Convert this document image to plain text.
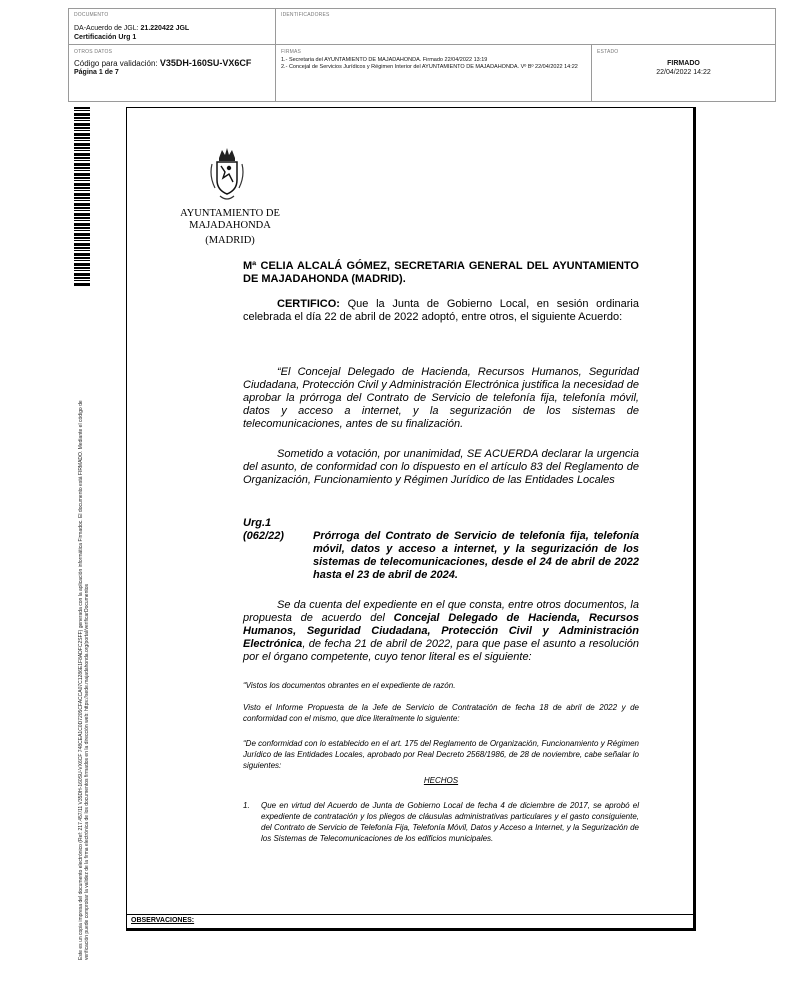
DOCUMENTO
DA-Acuerdo de JGL: 21.220422 JGL
Certificación Urg 1
IDENTIFICADORES
OTROS DATOS
Código para validación: V35DH-160SU-VX6CF
Página 1 de 7
FIRMAS
1.- Secretaria del AYUNTAMIENTO DE MAJADAHONDA. Firmado 22/04/2022 13:19
2.- Concejal de Servicios Jurídicos y Régimen Interior del AYUNTAMIENTO DE MAJADAHONDA. Vº Bº 22/04/2022 14:22
ESTADO
FIRMADO
22/04/2022 14:22
Este es un copia impresa del documento electrónico (Ref: 217.457/11 V35DH-160SU-VX6CF 748CEA1C0D7205CFACCA07C1286E1F8ADFC2SFF) generada con la aplicación informática Firmadoc. El documento está FIRMADO. Mediante el código de verificación puede comprobar la validez de la firma electrónica de los documentos firmados en la dirección web: https://sede.majadahonda.org/portal/verificarDocumentos	OBSERVACIONES:
AYUNTAMIENTO DE
MAJADAHONDA
(MADRID)
Mª CELIA ALCALÁ GÓMEZ, SECRETARIA GENERAL DEL AYUNTAMIENTO DE MAJADAHONDA (MADRID).
CERTIFICO: Que la Junta de Gobierno Local, en sesión ordinaria celebrada el día 22 de abril de 2022 adoptó, entre otros, el siguiente Acuerdo:
“El Concejal Delegado de Hacienda, Recursos Humanos, Seguridad Ciudadana, Protección Civil y Administración Electrónica justifica la necesidad de aprobar la prórroga del Contrato de Servicio de telefonía fija, telefonía móvil, datos y acceso a internet, y la segurización de los sistemas de telecomunicaciones, antes de su finalización.
Sometido a votación, por unanimidad, SE ACUERDA declarar la urgencia del asunto, de conformidad con lo dispuesto en el artículo 83 del Reglamento de Organización, Funcionamiento y Régimen Jurídico de las Entidades Locales
Urg.1
(062/22)	Prórroga del Contrato de Servicio de telefonía fija, telefonía móvil, datos y acceso a internet, y la segurización de los sistemas de telecomunicaciones, desde el 24 de abril de 2022 hasta el 23 de abril de 2024.
Se da cuenta del expediente en el que consta, entre otros documentos, la propuesta de acuerdo del Concejal Delegado de Hacienda, Recursos Humanos, Seguridad Ciudadana, Protección Civil y Administración Electrónica, de fecha 21 de abril de 2022, para que pase el asunto a resolución por el órgano competente, cuyo tenor literal es el siguiente:
“Vistos los documentos obrantes en el expediente de razón.
Visto el Informe Propuesta de la Jefe de Servicio de Contratación de fecha 18 de abril de 2022 y de conformidad con el mismo, que dice literalmente lo siguiente:
“De conformidad con lo establecido en el art. 175 del Reglamento de Organización, Funcionamiento y Régimen Jurídico de las Entidades Locales, aprobado por Real Decreto 2568/1986, de 28 de noviembre, cabe señalar lo siguientes:
HECHOS
1.	Que en virtud del Acuerdo de Junta de Gobierno Local de fecha 4 de diciembre de 2017, se aprobó el expediente de contratación y los pliegos de cláusulas administrativas particulares y el gasto consiguiente, del Contrato de Servicio de Telefonía Fija, Telefonía Móvil, Datos y Acceso a Internet, y la Segurización de los Sistemas de Telecomunicaciones de los edificios municipales.
